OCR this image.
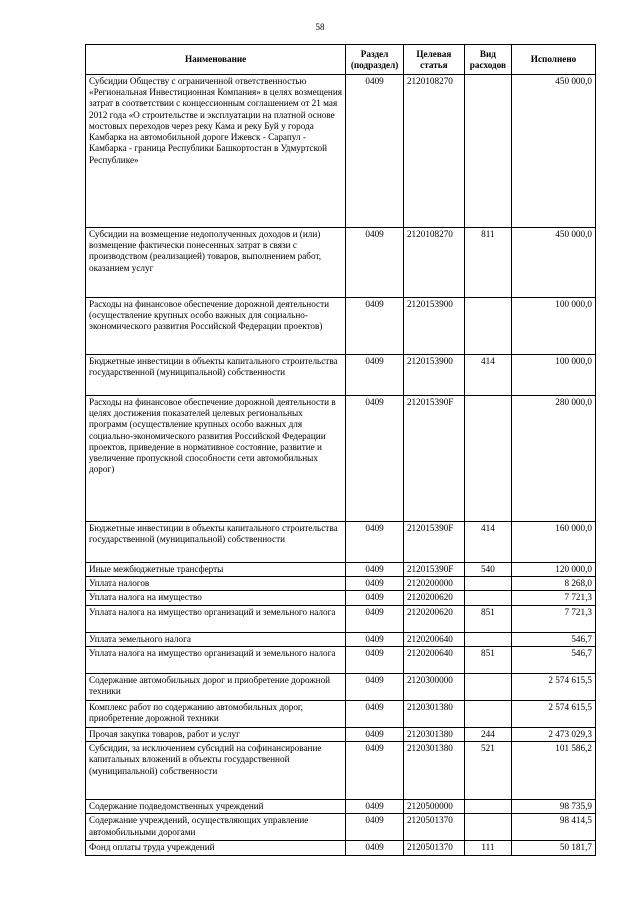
58
Наименование	Раздел (подраздел)	Целевая статья	Вид расходов	Исполнено
Субсидии Обществу с ограниченной ответственностью «Региональная Инвестиционная Компания» в целях возмещения затрат в соответствии с концессионным соглашением от 21 мая 2012 года «О строительстве и эксплуатации на платной основе мостовых переходов через реку Кама и реку Буй у города Камбарка на автомобильной дороге Ижевск - Сарапул - Камбарка - граница Республики Башкортостан в Удмуртской Республике»	0409	2120108270		450 000,0
Субсидии на возмещение недополученных доходов и (или) возмещение фактически понесенных затрат в связи с производством (реализацией) товаров, выполнением работ, оказанием услуг	0409	2120108270	811	450 000,0
Расходы на финансовое обеспечение дорожной деятельности (осуществление крупных особо важных для социально-экономического развития Российской Федерации проектов)	0409	2120153900		100 000,0
Бюджетные инвестиции в объекты капитального строительства государственной (муниципальной) собственности	0409	2120153900	414	100 000,0
Расходы на финансовое обеспечение дорожной деятельности в целях достижения показателей целевых региональных программ (осуществление крупных особо важных для социально-экономического развития Российской Федерации проектов, приведение в нормативное состояние, развитие и увеличение пропускной способности сети автомобильных дорог)	0409	212015390F		280 000,0
Бюджетные инвестиции в объекты капитального строительства государственной (муниципальной) собственности	0409	212015390F	414	160 000,0
Иные межбюджетные трансферты	0409	212015390F	540	120 000,0
Уплата налогов	0409	2120200000		8 268,0
Уплата налога на имущество	0409	2120200620		7 721,3
Уплата налога на имущество организаций и земельного налога	0409	2120200620	851	7 721,3
Уплата земельного налога	0409	2120200640		546,7
Уплата налога на имущество организаций и земельного налога	0409	2120200640	851	546,7
Содержание автомобильных дорог и приобретение дорожной техники	0409	2120300000		2 574 615,5
Комплекс работ по содержанию автомобильных дорог, приобретение дорожной техники	0409	2120301380		2 574 615,5
Прочая закупка товаров, работ и услуг	0409	2120301380	244	2 473 029,3
Субсидии, за исключением субсидий на софинансирование капитальных вложений в объекты государственной (муниципальной) собственности	0409	2120301380	521	101 586,2
Содержание подведомственных учреждений	0409	2120500000		98 735,9
Содержание учреждений, осуществляющих управление автомобильными дорогами	0409	2120501370		98 414,5
Фонд оплаты труда учреждений	0409	2120501370	111	50 181,7
